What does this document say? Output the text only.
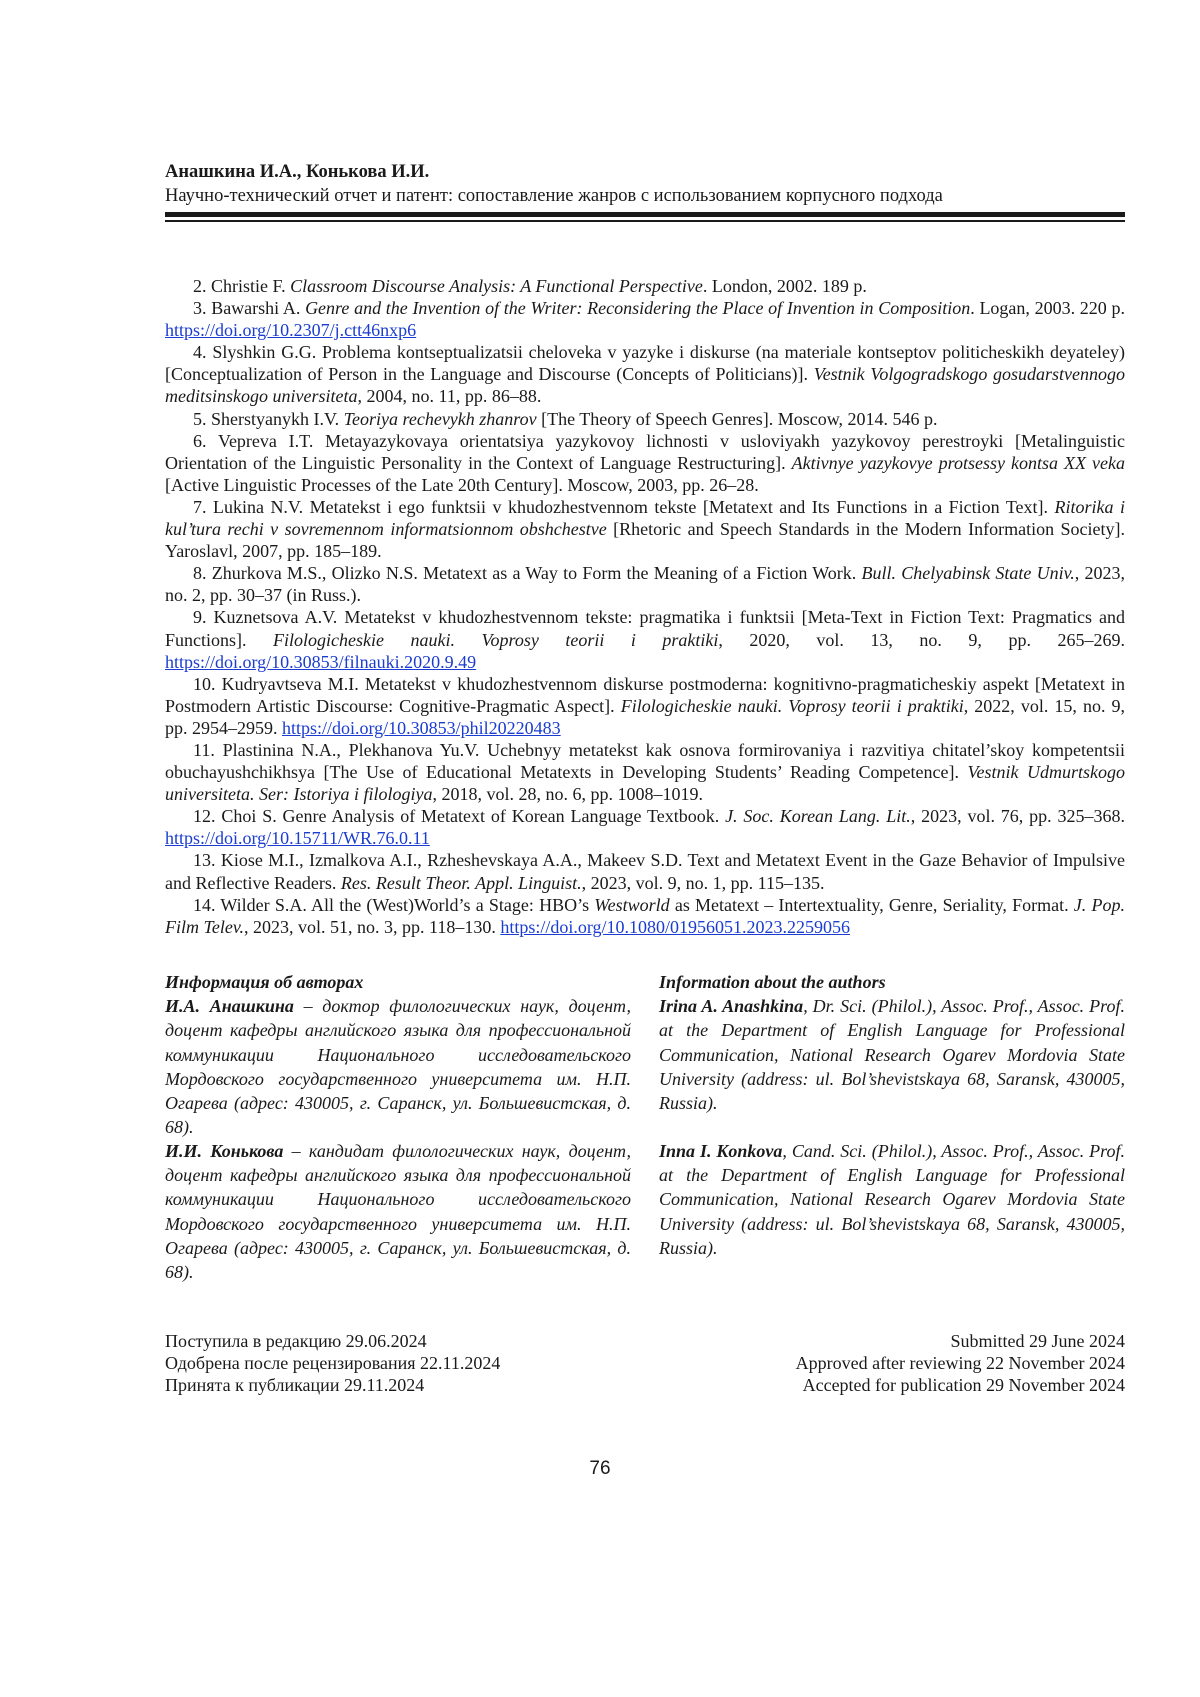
Анашкина И.А., Конькова И.И.
Научно-технический отчет и патент: сопоставление жанров с использованием корпусного подхода

2. Christie F. Classroom Discourse Analysis: A Functional Perspective. London, 2002. 189 p.

3. Bawarshi A. Genre and the Invention of the Writer: Reconsidering the Place of Invention in Composition. Logan, 2003. 220 p. https://doi.org/10.2307/j.ctt46nxp6

4. Slyshkin G.G. Problema kontseptualizatsii cheloveka v yazyke i diskurse (na materiale kontseptov politicheskikh deyateley) [Conceptualization of Person in the Language and Discourse (Concepts of Politicians)]. Vestnik Volgogradskogo gosudarstvennogo meditsinskogo universiteta, 2004, no. 11, pp. 86–88.

5. Sherstyanykh I.V. Teoriya rechevykh zhanrov [The Theory of Speech Genres]. Moscow, 2014. 546 p.

6. Vepreva I.T. Metayazykovaya orientatsiya yazykovoy lichnosti v usloviyakh yazykovoy perestroyki [Metalinguistic Orientation of the Linguistic Personality in the Context of Language Restructuring]. Aktivnye yazykovye protsessy kontsa XX veka [Active Linguistic Processes of the Late 20th Century]. Moscow, 2003, pp. 26–28.

7. Lukina N.V. Metatekst i ego funktsii v khudozhestvennom tekste [Metatext and Its Functions in a Fiction Text]. Ritorika i kul’tura rechi v sovremennom informatsionnom obshchestve [Rhetoric and Speech Standards in the Modern Information Society]. Yaroslavl, 2007, pp. 185–189.

8. Zhurkova M.S., Olizko N.S. Metatext as a Way to Form the Meaning of a Fiction Work. Bull. Chelyabinsk State Univ., 2023, no. 2, pp. 30–37 (in Russ.).

9. Kuznetsova A.V. Metatekst v khudozhestvennom tekste: pragmatika i funktsii [Meta-Text in Fiction Text: Pragmatics and Functions]. Filologicheskie nauki. Voprosy teorii i praktiki, 2020, vol. 13, no. 9, pp. 265–269. https://doi.org/10.30853/filnauki.2020.9.49

10. Kudryavtseva M.I. Metatekst v khudozhestvennom diskurse postmoderna: kognitivno-pragmaticheskiy aspekt [Metatext in Postmodern Artistic Discourse: Cognitive-Pragmatic Aspect]. Filologicheskie nauki. Voprosy teorii i praktiki, 2022, vol. 15, no. 9, pp. 2954–2959. https://doi.org/10.30853/phil20220483

11. Plastinina N.A., Plekhanova Yu.V. Uchebnyy metatekst kak osnova formirovaniya i razvitiya chitatel’skoy kompetentsii obuchayushchikhsya [The Use of Educational Metatexts in Developing Students’ Reading Competence]. Vestnik Udmurtskogo universiteta. Ser: Istoriya i filologiya, 2018, vol. 28, no. 6, pp. 1008–1019.

12. Choi S. Genre Analysis of Metatext of Korean Language Textbook. J. Soc. Korean Lang. Lit., 2023, vol. 76, pp. 325–368. https://doi.org/10.15711/WR.76.0.11

13. Kiose M.I., Izmalkova A.I., Rzheshevskaya A.A., Makeev S.D. Text and Metatext Event in the Gaze Behavior of Impulsive and Reflective Readers. Res. Result Theor. Appl. Linguist., 2023, vol. 9, no. 1, pp. 115–135.

14. Wilder S.A. All the (West)World’s a Stage: HBO’s Westworld as Metatext – Intertextuality, Genre, Seriality, Format. J. Pop. Film Telev., 2023, vol. 51, no. 3, pp. 118–130. https://doi.org/10.1080/01956051.2023.2259056

Информация об авторах

И.А. Анашкина – доктор филологических наук, доцент, доцент кафедры английского языка для профессиональной коммуникации Национального исследовательского Мордовского государственного университета им. Н.П. Огарева (адрес: 430005, г. Саранск, ул. Большевистская, д. 68).

И.И. Конькова – кандидат филологических наук, доцент, доцент кафедры английского языка для профессиональной коммуникации Национального исследовательского Мордовского государственного университета им. Н.П. Огарева (адрес: 430005, г. Саранск, ул. Большевистская, д. 68).

Information about the authors

Irina A. Anashkina, Dr. Sci. (Philol.), Assoc. Prof., Assoc. Prof. at the Department of English Language for Professional Communication, National Research Ogarev Mordovia State University (address: ul. Bol’shevistskaya 68, Saransk, 430005, Russia).

Inna I. Konkova, Cand. Sci. (Philol.), Assoc. Prof., Assoc. Prof. at the Department of English Language for Professional Communication, National Research Ogarev Mordovia State University (address: ul. Bol’shevistskaya 68, Saransk, 430005, Russia).

Поступила в редакцию 29.06.2024
Одобрена после рецензирования 22.11.2024
Принята к публикации 29.11.2024
Submitted 29 June 2024
Approved after reviewing 22 November 2024
Accepted for publication 29 November 2024
76
